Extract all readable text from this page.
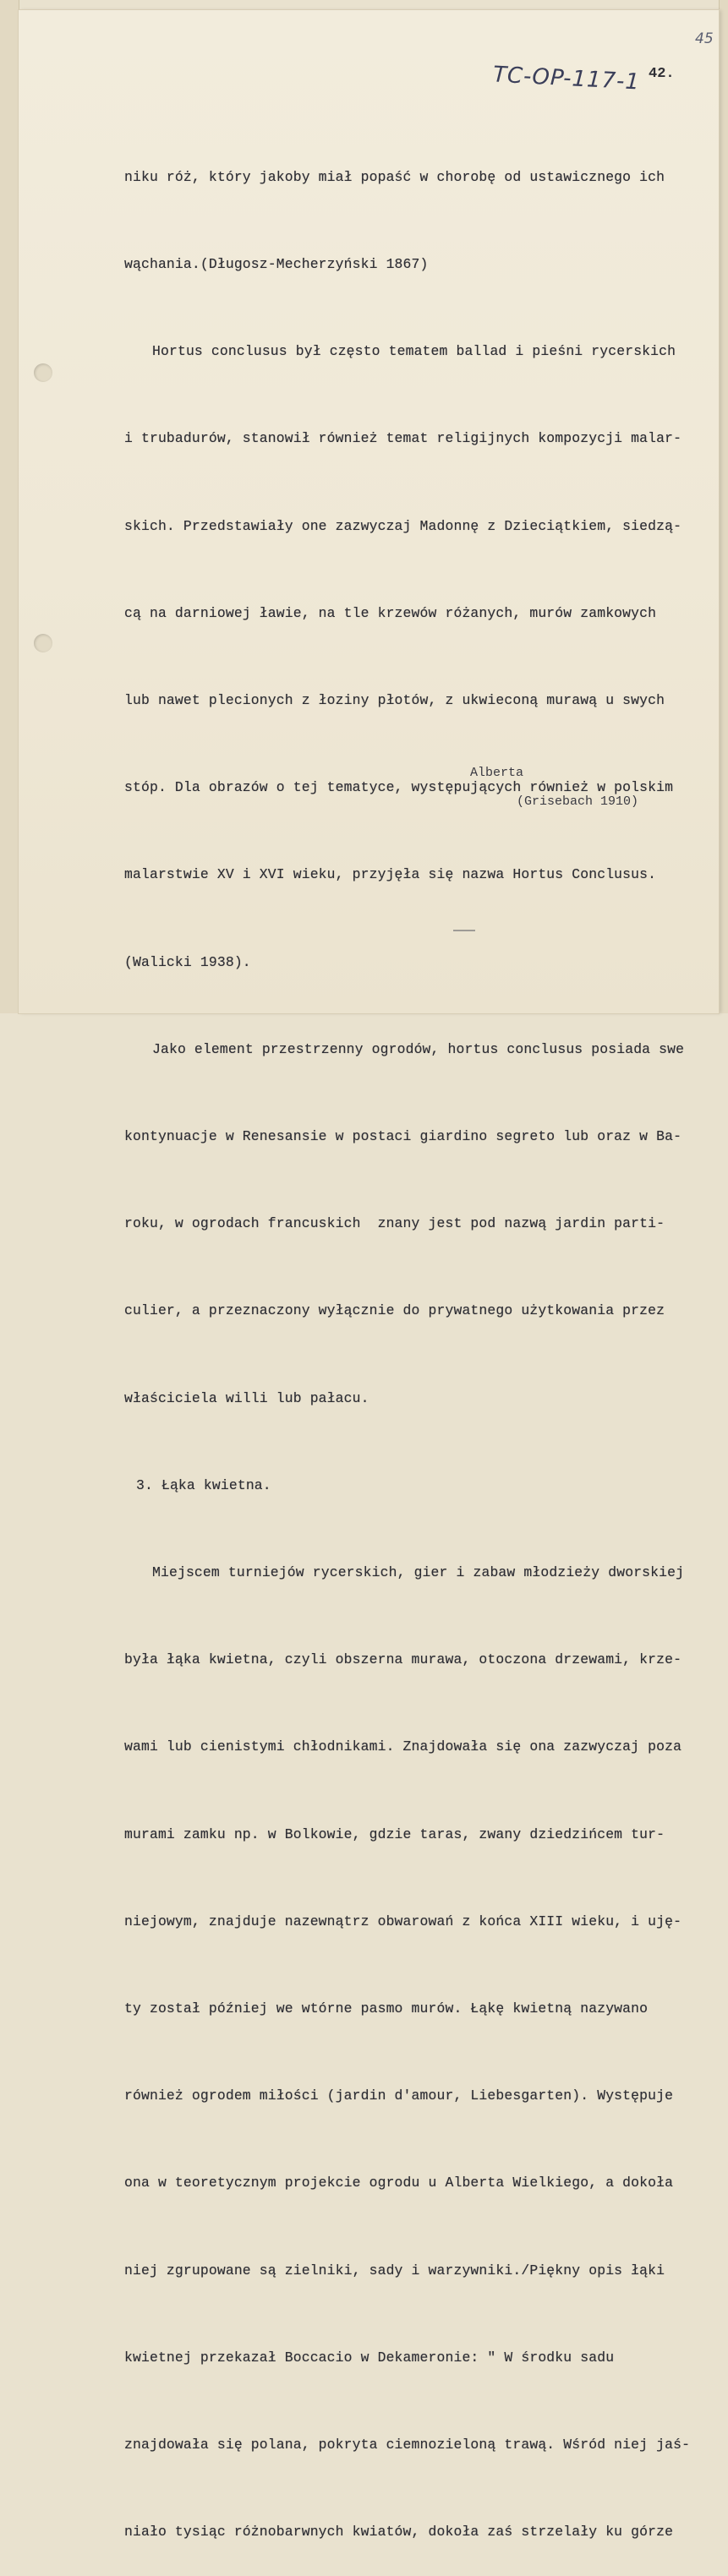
45
TC-OP-117-1 42.

niku róż, który jakoby miał popaść w chorobę od ustawicznego ich

wąchania.(Długosz-Mecherzyński 1867)

Hortus conclusus był często tematem ballad i pieśni rycerskich

i trubadurów, stanowił również temat religijnych kompozycji malar-

skich. Przedstawiały one zazwyczaj Madonnę z Dzieciątkiem, siedzą-

cą na darniowej ławie, na tle krzewów różanych, murów zamkowych

lub nawet plecionych z łoziny płotów, z ukwieconą murawą u swych

stóp. Dla obrazów o tej tematyce, występujących również w polskim

malarstwie XV i XVI wieku, przyjęła się nazwa Hortus Conclusus.

(Walicki 1938).

Jako element przestrzenny ogrodów, hortus conclusus posiada swe

kontynuacje w Renesansie w postaci giardino segreto lub oraz w Ba-

roku, w ogrodach francuskich  znany jest pod nazwą jardin parti-

culier, a przeznaczony wyłącznie do prywatnego użytkowania przez

właściciela willi lub pałacu.

3. Łąka kwietna.

Miejscem turniejów rycerskich, gier i zabaw młodzieży dworskiej

była łąka kwietna, czyli obszerna murawa, otoczona drzewami, krze-

wami lub cienistymi chłodnikami. Znajdowała się ona zazwyczaj poza

murami zamku np. w Bolkowie, gdzie taras, zwany dziedzińcem tur-

niejowym, znajduje nazewnątrz obwarowań z końca XIII wieku, i uję-

ty został później we wtórne pasmo murów. Łąkę kwietną nazywano

również ogrodem miłości (jardin d'amour, Liebesgarten). Występuje

ona w teoretycznym projekcie ogrodu u Alberta Wielkiego, a dokoła

niej zgrupowane są zielniki, sady i warzywniki./Piękny opis łąki

kwietnej przekazał Boccacio w Dekameronie: " W środku sadu

znajdowała się polana, pokryta ciemnozieloną trawą. Wśród niej jaś-

niało tysiąc różnobarwnych kwiatów, dokoła zaś strzelały ku górze

Alberta
(Grisebach 1910)
